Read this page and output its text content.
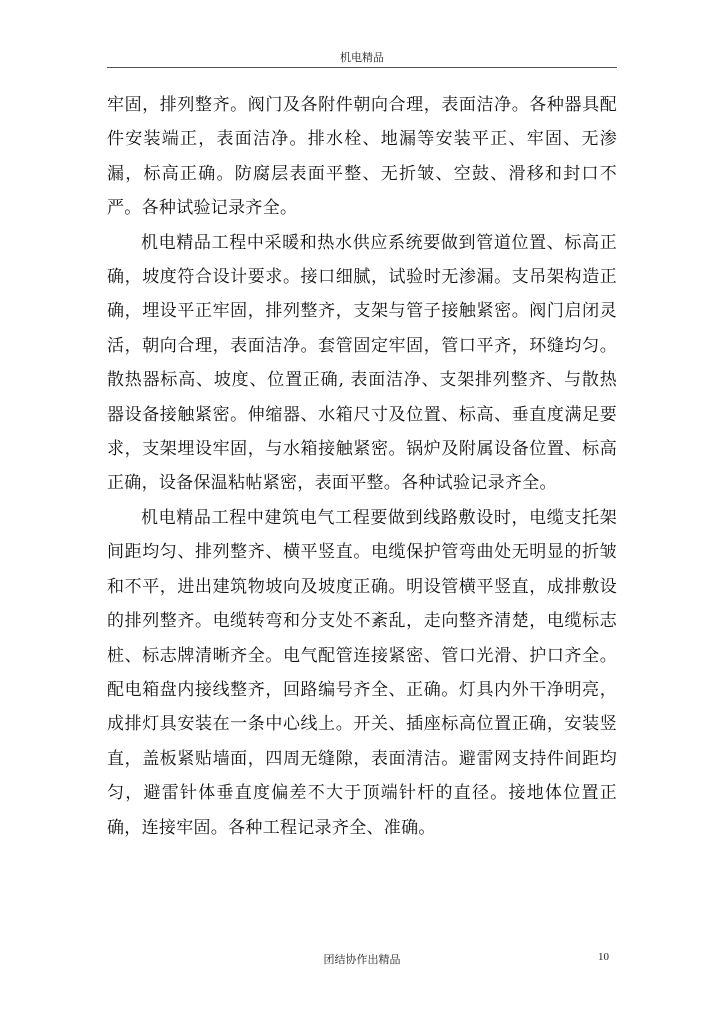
机电精品

牢固，排列整齐。阀门及各附件朝向合理，表面洁净。各种器具配件安装端正，表面洁净。排水栓、地漏等安装平正、牢固、无渗漏，标高正确。防腐层表面平整、无折皱、空鼓、滑移和封口不严。各种试验记录齐全。

机电精品工程中采暖和热水供应系统要做到管道位置、标高正确，坡度符合设计要求。接口细腻，试验时无渗漏。支吊架构造正确，埋设平正牢固，排列整齐，支架与管子接触紧密。阀门启闭灵活，朝向合理，表面洁净。套管固定牢固，管口平齐，环缝均匀。散热器标高、坡度、位置正确, 表面洁净、支架排列整齐、与散热器设备接触紧密。伸缩器、水箱尺寸及位置、标高、垂直度满足要求，支架埋设牢固，与水箱接触紧密。锅炉及附属设备位置、标高正确，设备保温粘帖紧密，表面平整。各种试验记录齐全。

机电精品工程中建筑电气工程要做到线路敷设时，电缆支托架间距均匀、排列整齐、横平竖直。电缆保护管弯曲处无明显的折皱和不平，进出建筑物坡向及坡度正确。明设管横平竖直，成排敷设的排列整齐。电缆转弯和分支处不紊乱，走向整齐清楚，电缆标志桩、标志牌清晰齐全。电气配管连接紧密、管口光滑、护口齐全。配电箱盘内接线整齐，回路编号齐全、正确。灯具内外干净明亮，成排灯具安装在一条中心线上。开关、插座标高位置正确，安装竖直，盖板紧贴墙面，四周无缝隙，表面清洁。避雷网支持件间距均匀，避雷针体垂直度偏差不大于顶端针杆的直径。接地体位置正确，连接牢固。各种工程记录齐全、准确。

团结协作出精品	10
